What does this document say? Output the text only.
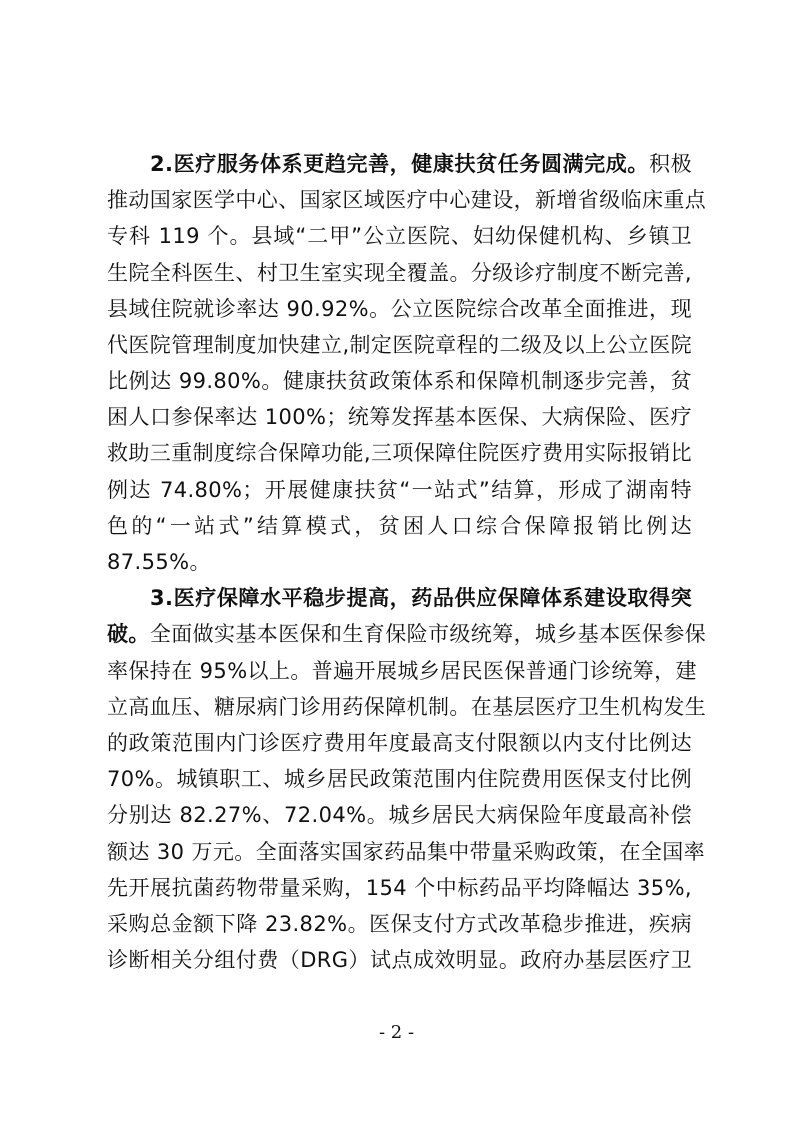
2.医疗服务体系更趋完善，健康扶贫任务圆满完成。积极
推动国家医学中心、国家区域医疗中心建设，新增省级临床重点
专科 119 个。县域“二甲”公立医院、妇幼保健机构、乡镇卫
生院全科医生、村卫生室实现全覆盖。分级诊疗制度不断完善,
县域住院就诊率达 90.92%。公立医院综合改革全面推进，现
代医院管理制度加快建立,制定医院章程的二级及以上公立医院
比例达 99.80%。健康扶贫政策体系和保障机制逐步完善，贫
困人口参保率达 100%；统筹发挥基本医保、大病保险、医疗
救助三重制度综合保障功能,三项保障住院医疗费用实际报销比
例达 74.80%；开展健康扶贫“一站式”结算，形成了湖南特
色的“一站式”结算模式，贫困人口综合保障报销比例达
87.55%。
3.医疗保障水平稳步提高，药品供应保障体系建设取得突
破。全面做实基本医保和生育保险市级统筹，城乡基本医保参保
率保持在 95%以上。普遍开展城乡居民医保普通门诊统筹，建
立高血压、糖尿病门诊用药保障机制。在基层医疗卫生机构发生
的政策范围内门诊医疗费用年度最高支付限额以内支付比例达
70%。城镇职工、城乡居民政策范围内住院费用医保支付比例
分别达 82.27%、72.04%。城乡居民大病保险年度最高补偿
额达 30 万元。全面落实国家药品集中带量采购政策，在全国率
先开展抗菌药物带量采购，154 个中标药品平均降幅达 35%,
采购总金额下降 23.82%。医保支付方式改革稳步推进，疾病
诊断相关分组付费（DRG）试点成效明显。政府办基层医疗卫
- 2 -
